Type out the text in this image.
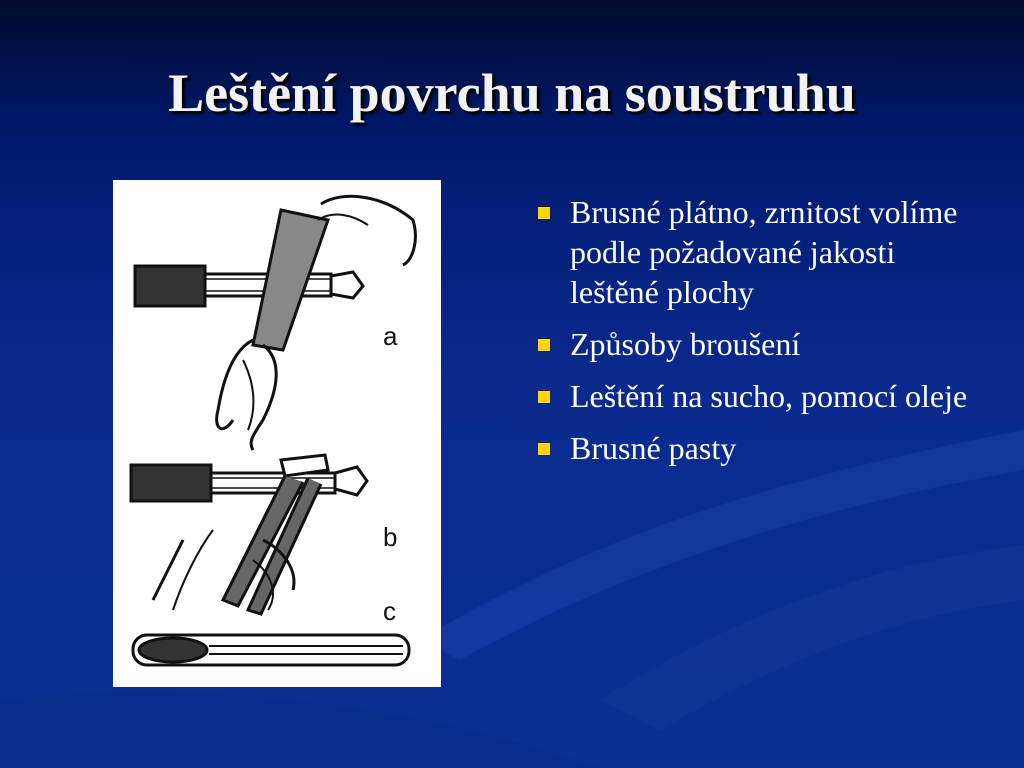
Leštění povrchu na soustruhu
a
b
c
Brusné plátno, zrnitost volíme podle požadované jakosti leštěné plochy
Způsoby broušení
Leštění na sucho, pomocí oleje
Brusné pasty
